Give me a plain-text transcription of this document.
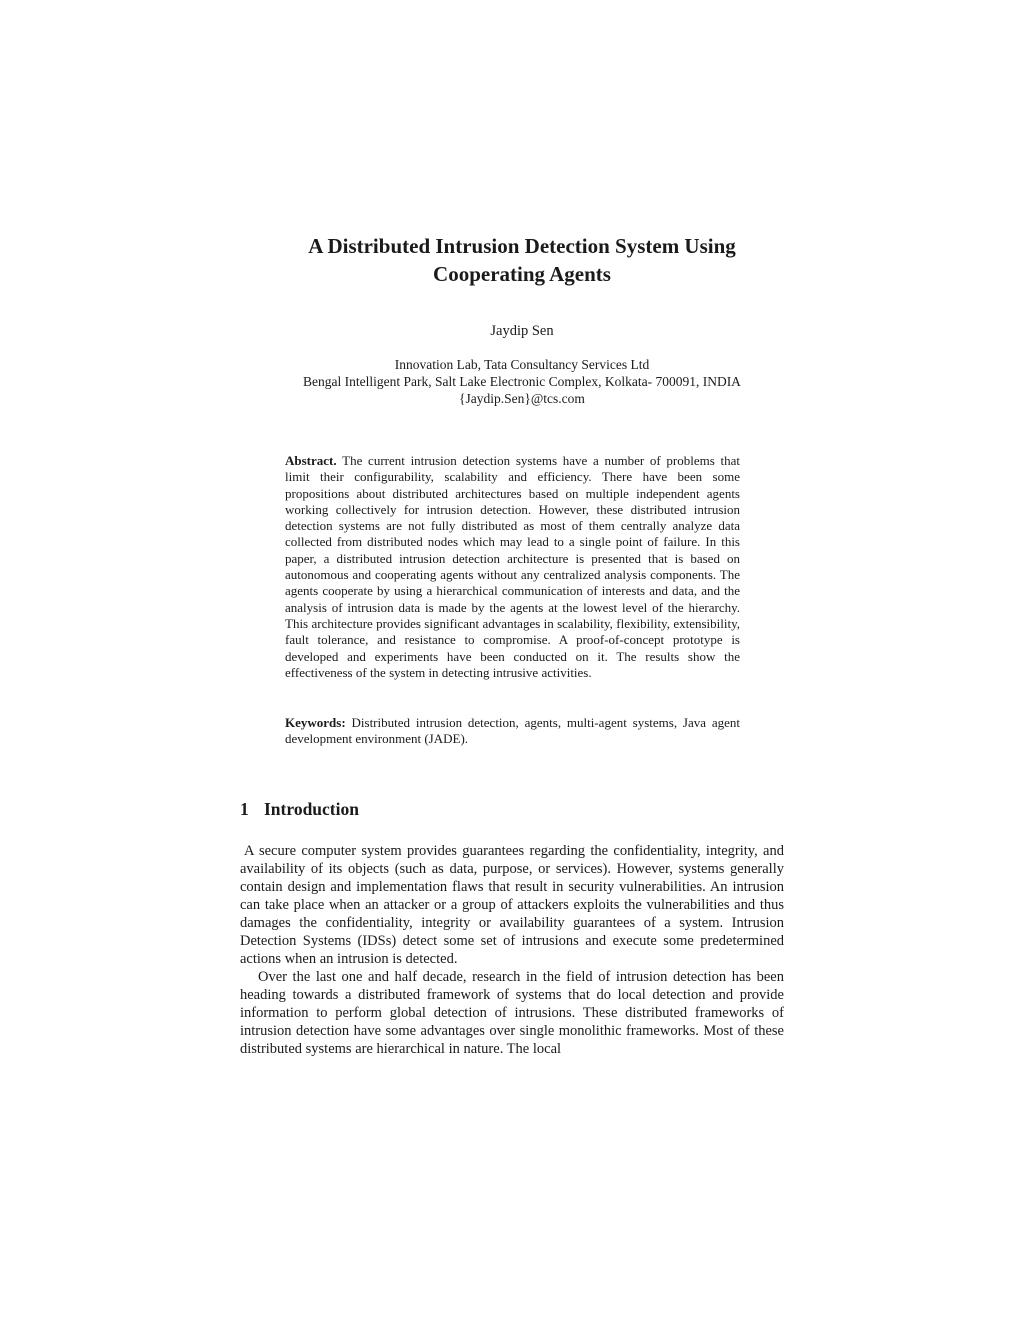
A Distributed Intrusion Detection System Using
Cooperating Agents
Jaydip Sen
Innovation Lab, Tata Consultancy Services Ltd
Bengal Intelligent Park, Salt Lake Electronic Complex, Kolkata- 700091, INDIA
{Jaydip.Sen}@tcs.com

Abstract. The current intrusion detection systems have a number of problems that limit their configurability, scalability and efficiency. There have been some propositions about distributed architectures based on multiple independent agents working collectively for intrusion detection. However, these distributed intrusion detection systems are not fully distributed as most of them centrally analyze data collected from distributed nodes which may lead to a single point of failure. In this paper, a distributed intrusion detection architecture is presented that is based on autonomous and cooperating agents without any centralized analysis components. The agents cooperate by using a hierarchical communication of interests and data, and the analysis of intrusion data is made by the agents at the lowest level of the hierarchy. This architecture provides significant advantages in scalability, flexibility, extensibility, fault tolerance, and resistance to compromise. A proof-of-concept prototype is developed and experiments have been conducted on it. The results show the effectiveness of the system in detecting intrusive activities.

Keywords: Distributed intrusion detection, agents, multi-agent systems, Java agent development environment (JADE).

1 Introduction

A secure computer system provides guarantees regarding the confidentiality, integrity, and availability of its objects (such as data, purpose, or services). However, systems generally contain design and implementation flaws that result in security vulnerabilities. An intrusion can take place when an attacker or a group of attackers exploits the vulnerabilities and thus damages the confidentiality, integrity or availability guarantees of a system. Intrusion Detection Systems (IDSs) detect some set of intrusions and execute some predetermined actions when an intrusion is detected.

Over the last one and half decade, research in the field of intrusion detection has been heading towards a distributed framework of systems that do local detection and provide information to perform global detection of intrusions. These distributed frameworks of intrusion detection have some advantages over single monolithic frameworks. Most of these distributed systems are hierarchical in nature. The local
